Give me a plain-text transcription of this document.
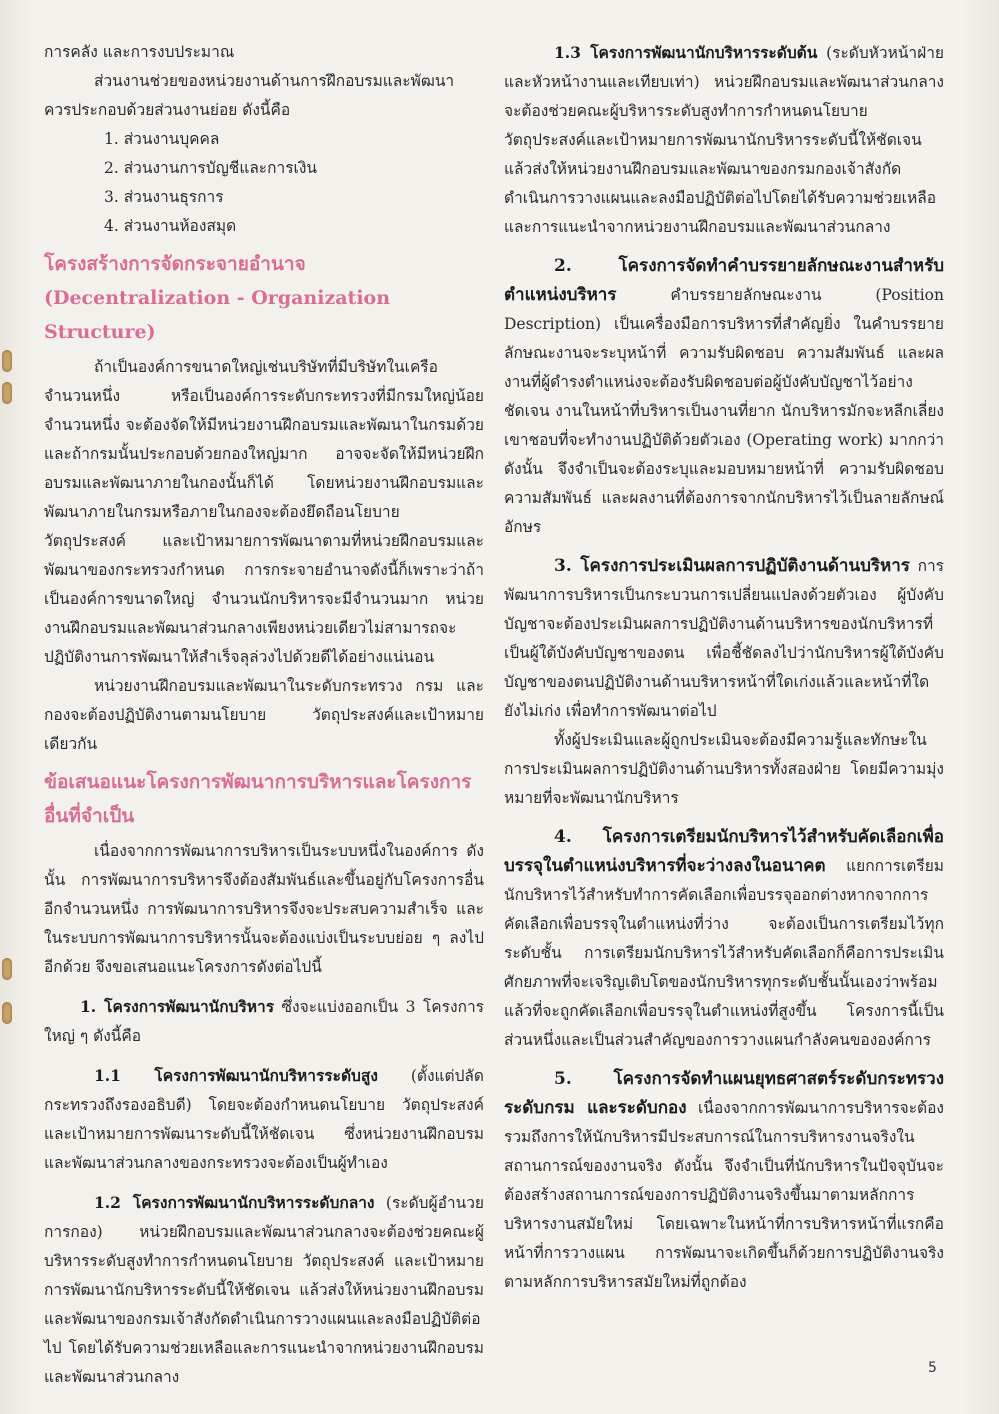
การคลัง และการงบประมาณ

ส่วนงานช่วยของหน่วยงานด้านการฝึกอบรมและพัฒนา ควรประกอบด้วยส่วนงานย่อย ดังนี้คือ

1. ส่วนงานบุคคล
2. ส่วนงานการบัญชีและการเงิน
3. ส่วนงานธุรการ
4. ส่วนงานห้องสมุด
โครงสร้างการจัดกระจายอำนาจ (Decentralization - Organization Structure)

ถ้าเป็นองค์การขนาดใหญ่เช่นบริษัทที่มีบริษัทในเครือจำนวนหนึ่ง หรือเป็นองค์การระดับกระทรวงที่มีกรมใหญ่น้อยจำนวนหนึ่ง จะต้องจัดให้มีหน่วยงานฝึกอบรมและพัฒนาในกรมด้วย และถ้ากรมนั้นประกอบด้วยกองใหญ่มาก อาจจะจัดให้มีหน่วยฝึกอบรมและพัฒนาภายในกองนั้นก็ได้ โดยหน่วยงานฝึกอบรมและพัฒนาภายในกรมหรือภายในกองจะต้องยึดถือนโยบาย วัตถุประสงค์ และเป้าหมายการพัฒนาตามที่หน่วยฝึกอบรมและพัฒนาของกระทรวงกำหนด การกระจายอำนาจดังนี้ก็เพราะว่าถ้าเป็นองค์การขนาดใหญ่ จำนวนนักบริหารจะมีจำนวนมาก หน่วยงานฝึกอบรมและพัฒนาส่วนกลางเพียงหน่วยเดียวไม่สามารถจะปฏิบัติงานการพัฒนาให้สำเร็จลุล่วงไปด้วยดีได้อย่างแน่นอน

หน่วยงานฝึกอบรมและพัฒนาในระดับกระทรวง กรม และกองจะต้องปฏิบัติงานตามนโยบาย วัตถุประสงค์และเป้าหมายเดียวกัน

ข้อเสนอแนะโครงการพัฒนาการบริหารและโครงการอื่นที่จำเป็น

เนื่องจากการพัฒนาการบริหารเป็นระบบหนึ่งในองค์การ ดังนั้น การพัฒนาการบริหารจึงต้องสัมพันธ์และขึ้นอยู่กับโครงการอื่นอีกจำนวนหนึ่ง การพัฒนาการบริหารจึงจะประสบความสำเร็จ และในระบบการพัฒนาการบริหารนั้นจะต้องแบ่งเป็นระบบย่อย ๆ ลงไปอีกด้วย จึงขอเสนอแนะโครงการดังต่อไปนี้

1. โครงการพัฒนานักบริหาร ซึ่งจะแบ่งออกเป็น 3 โครงการใหญ่ ๆ ดังนี้คือ

1.1 โครงการพัฒนานักบริหารระดับสูง (ตั้งแต่ปลัดกระทรวงถึงรองอธิบดี) โดยจะต้องกำหนดนโยบาย วัตถุประสงค์และเป้าหมายการพัฒนาระดับนี้ให้ชัดเจน ซึ่งหน่วยงานฝึกอบรมและพัฒนาส่วนกลางของกระทรวงจะต้องเป็นผู้ทำเอง

1.2 โครงการพัฒนานักบริหารระดับกลาง (ระดับผู้อำนวยการกอง) หน่วยฝึกอบรมและพัฒนาส่วนกลางจะต้องช่วยคณะผู้บริหารระดับสูงทำการกำหนดนโยบาย วัตถุประสงค์ และเป้าหมาย การพัฒนานักบริหารระดับนี้ให้ชัดเจน แล้วส่งให้หน่วยงานฝึกอบรมและพัฒนาของกรมเจ้าสังกัดดำเนินการวางแผนและลงมือปฏิบัติต่อไป โดยได้รับความช่วยเหลือและการแนะนำจากหน่วยงานฝึกอบรมและพัฒนาส่วนกลาง

1.3 โครงการพัฒนานักบริหารระดับต้น (ระดับหัวหน้าฝ่ายและหัวหน้างานและเทียบเท่า) หน่วยฝึกอบรมและพัฒนาส่วนกลางจะต้องช่วยคณะผู้บริหารระดับสูงทำการกำหนดนโยบาย วัตถุประสงค์และเป้าหมายการพัฒนานักบริหารระดับนี้ให้ชัดเจน แล้วส่งให้หน่วยงานฝึกอบรมและพัฒนาของกรมกองเจ้าสังกัดดำเนินการวางแผนและลงมือปฏิบัติต่อไปโดยได้รับความช่วยเหลือและการแนะนำจากหน่วยงานฝึกอบรมและพัฒนาส่วนกลาง

2. โครงการจัดทำคำบรรยายลักษณะงานสำหรับตำแหน่งบริหาร คำบรรยายลักษณะงาน (Position Description) เป็นเครื่องมือการบริหารที่สำคัญยิ่ง ในคำบรรยายลักษณะงานจะระบุหน้าที่ ความรับผิดชอบ ความสัมพันธ์ และผลงานที่ผู้ดำรงตำแหน่งจะต้องรับผิดชอบต่อผู้บังคับบัญชาไว้อย่างชัดเจน งานในหน้าที่บริหารเป็นงานที่ยาก นักบริหารมักจะหลีกเลี่ยง เขาชอบที่จะทำงานปฏิบัติด้วยตัวเอง (Operating work) มากกว่า ดังนั้น จึงจำเป็นจะต้องระบุและมอบหมายหน้าที่ ความรับผิดชอบความสัมพันธ์ และผลงานที่ต้องการจากนักบริหารไว้เป็นลายลักษณ์อักษร

3. โครงการประเมินผลการปฏิบัติงานด้านบริหาร การพัฒนาการบริหารเป็นกระบวนการเปลี่ยนแปลงด้วยตัวเอง ผู้บังคับบัญชาจะต้องประเมินผลการปฏิบัติงานด้านบริหารของนักบริหารที่เป็นผู้ใต้บังคับบัญชาของตน เพื่อชี้ชัดลงไปว่านักบริหารผู้ใต้บังคับบัญชาของตนปฏิบัติงานด้านบริหารหน้าที่ใดเก่งแล้วและหน้าที่ใดยังไม่เก่ง เพื่อทำการพัฒนาต่อไป

ทั้งผู้ประเมินและผู้ถูกประเมินจะต้องมีความรู้และทักษะในการประเมินผลการปฏิบัติงานด้านบริหารทั้งสองฝ่าย โดยมีความมุ่งหมายที่จะพัฒนานักบริหาร

4. โครงการเตรียมนักบริหารไว้สำหรับคัดเลือกเพื่อบรรจุในตำแหน่งบริหารที่จะว่างลงในอนาคต แยกการเตรียมนักบริหารไว้สำหรับทำการคัดเลือกเพื่อบรรจุออกต่างหากจากการคัดเลือกเพื่อบรรจุในตำแหน่งที่ว่าง จะต้องเป็นการเตรียมไว้ทุกระดับชั้น การเตรียมนักบริหารไว้สำหรับคัดเลือกก็คือการประเมินศักยภาพที่จะเจริญเติบโตของนักบริหารทุกระดับชั้นนั้นเองว่าพร้อมแล้วที่จะถูกคัดเลือกเพื่อบรรจุในตำแหน่งที่สูงขึ้น โครงการนี้เป็นส่วนหนึ่งและเป็นส่วนสำคัญของการวางแผนกำลังคนขององค์การ

5. โครงการจัดทำแผนยุทธศาสตร์ระดับกระทรวง ระดับกรม และระดับกอง เนื่องจากการพัฒนาการบริหารจะต้องรวมถึงการให้นักบริหารมีประสบการณ์ในการบริหารงานจริงในสถานการณ์ของงานจริง ดังนั้น จึงจำเป็นที่นักบริหารในปัจจุบันจะต้องสร้างสถานการณ์ของการปฏิบัติงานจริงขึ้นมาตามหลักการบริหารงานสมัยใหม่ โดยเฉพาะในหน้าที่การบริหารหน้าที่แรกคือ หน้าที่การวางแผน การพัฒนาจะเกิดขึ้นก็ด้วยการปฏิบัติงานจริงตามหลักการบริหารสมัยใหม่ที่ถูกต้อง

5
